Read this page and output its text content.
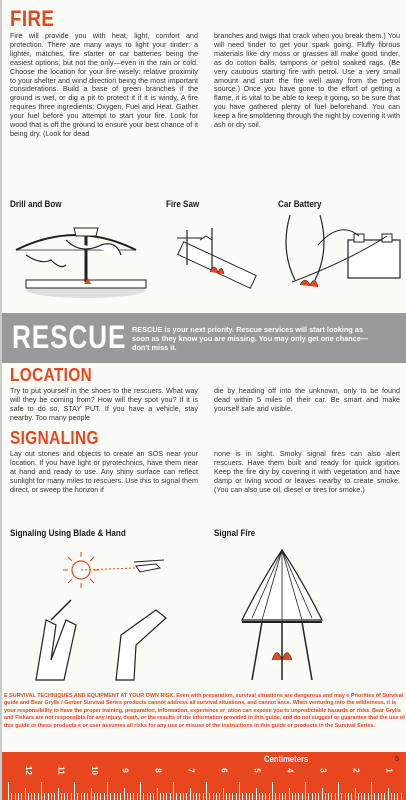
FIRE
Fire will provide you with heat, light, comfort and protection. There are many ways to light your tinder: a lighter, matches, fire starter or car batteries being the easiest options, but not the only—even in the rain or cold. Choose the location for your fire wisely: relative proximity to your shelter and wind direction being the most important considerations. Build a base of green branches if the ground is wet, or dig a pit to protect it if it is windy. A fire requires three ingredients: Oxygen, Fuel and Heat. Gather your fuel before you attempt to start your fire. Look for wood that is off the ground to ensure your best chance of it being dry. (Look for dead
branches and twigs that crack when you break them.) You will need tinder to get your spark going. Fluffy fibrous materials like dry moss or grasses all make good tinder, as do cotton balls, tampons or petrol soaked rags. (Be very cautious starting fire with petrol. Use a very small amount and start the fire well away from the petrol source.) Once you have gone to the effort of getting a flame, it is vital to be able to keep it going, so be sure that you have gathered plenty of fuel beforehand. You can keep a fire smoldering through the night by covering it with ash or dry soil.
Drill and Bow	Fire Saw	Car Battery
RESCUE RESCUE is your next priority. Rescue services will start looking as soon as they know you are missing. You may only get one chance—don't miss it.
LOCATION
Try to put yourself in the shoes to the rescuers. What way will they be coming from? How will they spot you? If it is safe to do so, STAY PUT. If you have a vehicle, stay nearby. Too many people
die by heading off into the unknown, only to be found dead within 5 miles of their car. Be smart and make yourself safe and visible.
SIGNALING
Lay out stones and objects to create an SOS near your location. If you have light or pyrotechnics, have them near at hand and ready to use. Any shiny surface can reflect sunlight for many miles to rescuers. Use this to signal them direct, or sweep the horizon if
none is in sight. Smoky signal fires can also alert rescuers. Have them built and ready for quick ignition. Keep the fire dry by covering it with vegetation and have damp or living wood or leaves nearby to create smoke. (You can also use oil, diesel or tires for smoke.)
Signaling Using Blade & Hand	Signal Fire
E SURVIVAL TECHNIQUES AND EQUIPMENT AT YOUR OWN RISK. Even with preparation, survival situations are dangerous and may e Priorities of Survival guide and Bear Grylls / Gerber Survival Series products cannot address all survival situations, and cannot ance. When venturing into the wilderness, it is your responsibility to have the proper training, preparation, information, experience er_ation can expose you to unpredictable hazards or risks. Bear Grylls and Fiskars are not responsible for any injury, death, or the results of the information provided in this guide, and do not suggest or guarantee that the use of this guide or these products e or user assumes all risks for any use or misuse of the instructions in this guide or products in the Survival Series.
Centimeters
12	11	10	9	8	7	6	5	4	3	2	1
5
